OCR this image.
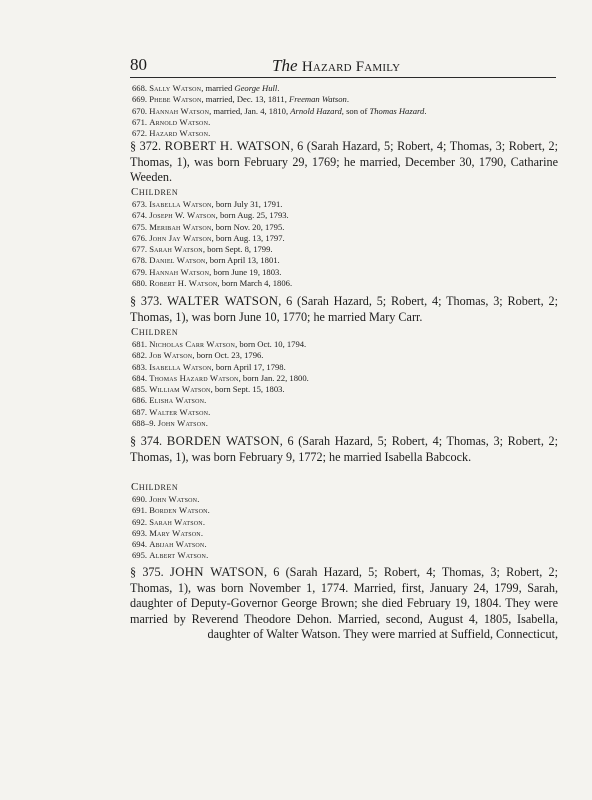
80	The Hazard Family
668. Sally Watson, married George Hull.
669. Phebe Watson, married, Dec. 13, 1811, Freeman Watson.
670. Hannah Watson, married, Jan. 4, 1810, Arnold Hazard, son of Thomas Hazard.
671. Arnold Watson.
672. Hazard Watson.

§ 372. ROBERT H. WATSON, 6 (Sarah Hazard, 5; Robert, 4; Thomas, 3; Robert, 2; Thomas, 1), was born February 29, 1769; he married, December 30, 1790, Catharine Weeden.

Children
673. Isabella Watson, born July 31, 1791.
674. Joseph W. Watson, born Aug. 25, 1793.
675. Meribah Watson, born Nov. 20, 1795.
676. John Jay Watson, born Aug. 13, 1797.
677. Sarah Watson, born Sept. 8, 1799.
678. Daniel Watson, born April 13, 1801.
679. Hannah Watson, born June 19, 1803.
680. Robert H. Watson, born March 4, 1806.

§ 373. WALTER WATSON, 6 (Sarah Hazard, 5; Robert, 4; Thomas, 3; Robert, 2; Thomas, 1), was born June 10, 1770; he married Mary Carr.

Children
681. Nicholas Carr Watson, born Oct. 10, 1794.
682. Job Watson, born Oct. 23, 1796.
683. Isabella Watson, born April 17, 1798.
684. Thomas Hazard Watson, born Jan. 22, 1800.
685. William Watson, born Sept. 15, 1803.
686. Elisha Watson.
687. Walter Watson.
688–9. John Watson.

§ 374. BORDEN WATSON, 6 (Sarah Hazard, 5; Robert, 4; Thomas, 3; Robert, 2; Thomas, 1), was born February 9, 1772; he married Isabella Babcock.

Children
690. John Watson.
691. Borden Watson.
692. Sarah Watson.
693. Mary Watson.
694. Abijah Watson.
695. Albert Watson.

§ 375. JOHN WATSON, 6 (Sarah Hazard, 5; Robert, 4; Thomas, 3; Robert, 2; Thomas, 1), was born November 1, 1774. Married, first, January 24, 1799, Sarah, daughter of Deputy-Governor George Brown; she died February 19, 1804. They were married by Reverend Theodore Dehon. Married, second, August 4, 1805, Isabella, daughter of Walter Watson. They were married at Suffield, Connecticut,
